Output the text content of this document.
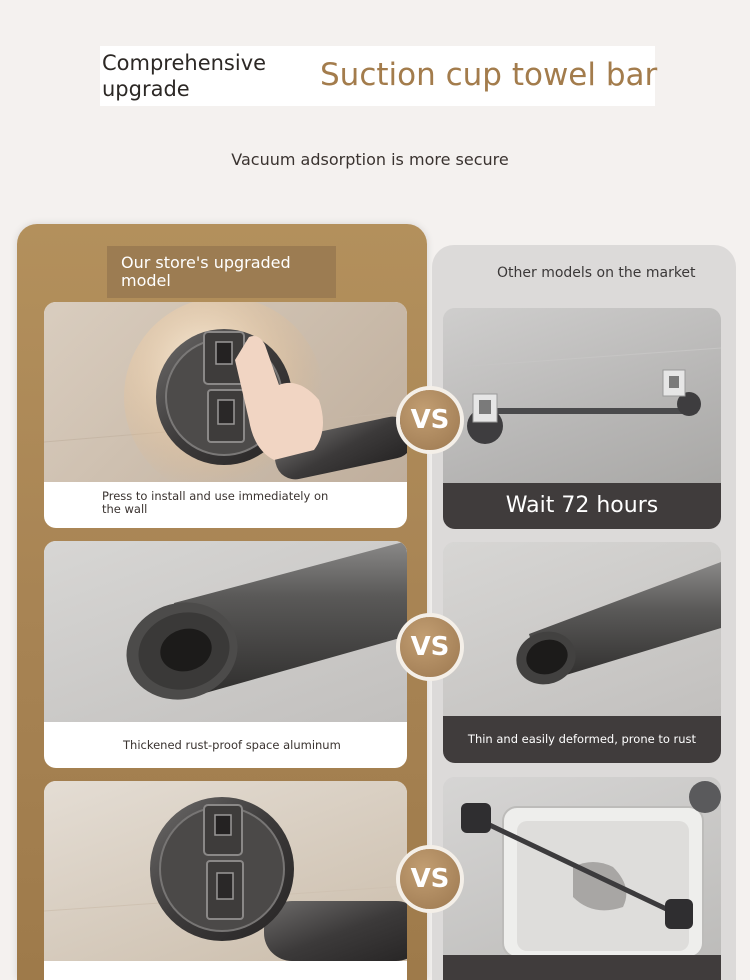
Comprehensive upgrade	Suction cup towel bar
Vacuum adsorption is more secure
Our store's upgraded model	Other models on the market
Press to install and use immediately on the wall
Thickened rust-proof space aluminum
Wait 72 hours
Thin and easily deformed, prone to rust
VS
VS
VS
